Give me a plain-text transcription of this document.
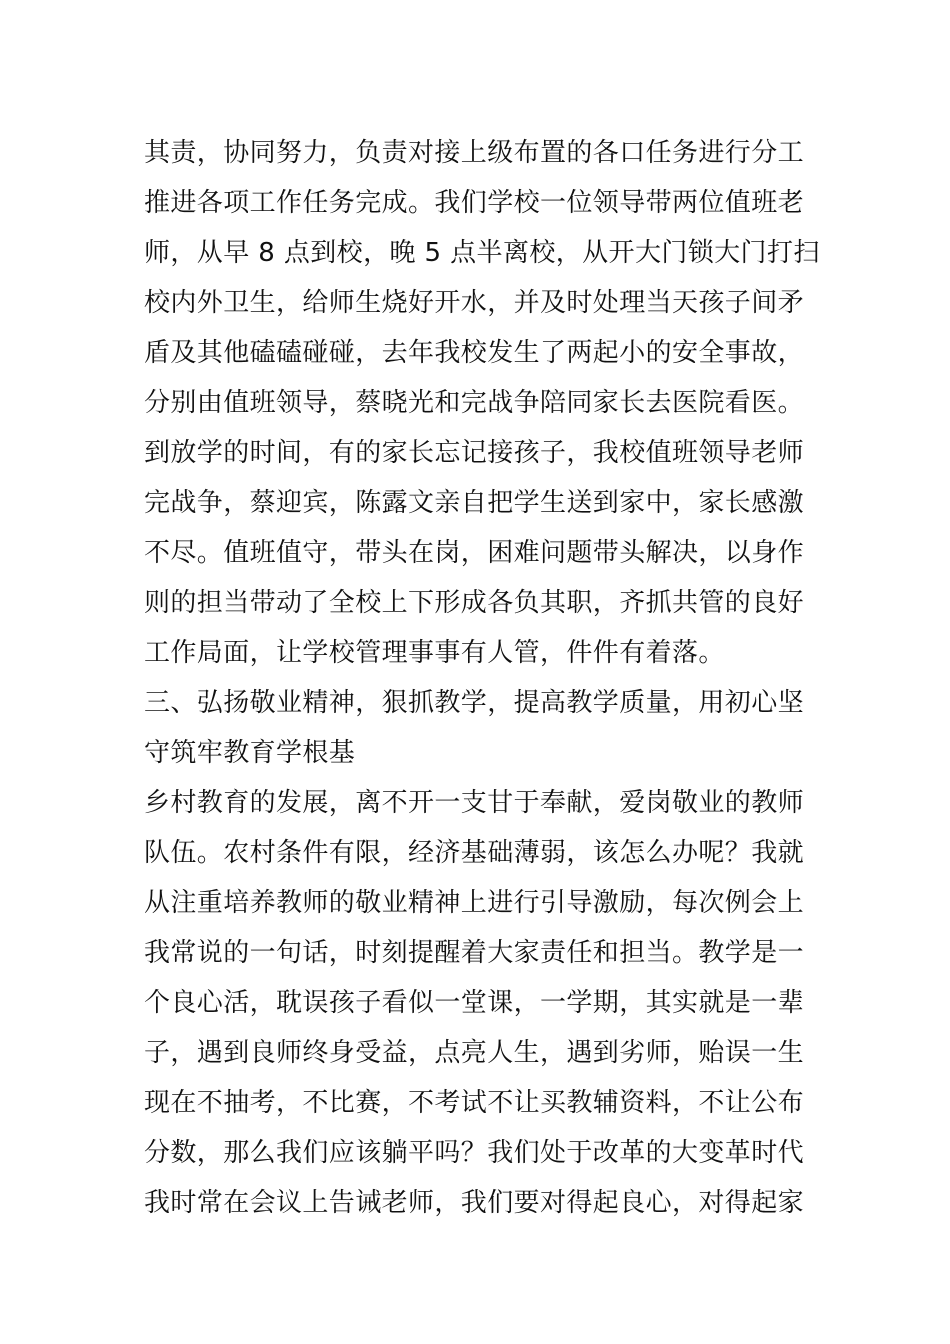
其责，协同努力，负责对接上级布置的各口任务进行分工
推进各项工作任务完成。我们学校一位领导带两位值班老
师，从早 8 点到校，晚 5 点半离校，从开大门锁大门打扫
校内外卫生，给师生烧好开水，并及时处理当天孩子间矛
盾及其他磕磕碰碰，去年我校发生了两起小的安全事故，
分别由值班领导，蔡晓光和完战争陪同家长去医院看医。
到放学的时间，有的家长忘记接孩子，我校值班领导老师
完战争，蔡迎宾，陈露文亲自把学生送到家中，家长感激
不尽。值班值守，带头在岗，困难问题带头解决，以身作
则的担当带动了全校上下形成各负其职，齐抓共管的良好
工作局面，让学校管理事事有人管，件件有着落。
三、弘扬敬业精神，狠抓教学，提高教学质量，用初心坚
守筑牢教育学根基
乡村教育的发展，离不开一支甘于奉献，爱岗敬业的教师
队伍。农村条件有限，经济基础薄弱，该怎么办呢？我就
从注重培养教师的敬业精神上进行引导激励，每次例会上
我常说的一句话，时刻提醒着大家责任和担当。教学是一
个良心活，耽误孩子看似一堂课，一学期，其实就是一辈
子，遇到良师终身受益，点亮人生，遇到劣师，贻误一生
现在不抽考，不比赛，不考试不让买教辅资料，不让公布
分数，那么我们应该躺平吗？我们处于改革的大变革时代
我时常在会议上告诫老师，我们要对得起良心，对得起家
